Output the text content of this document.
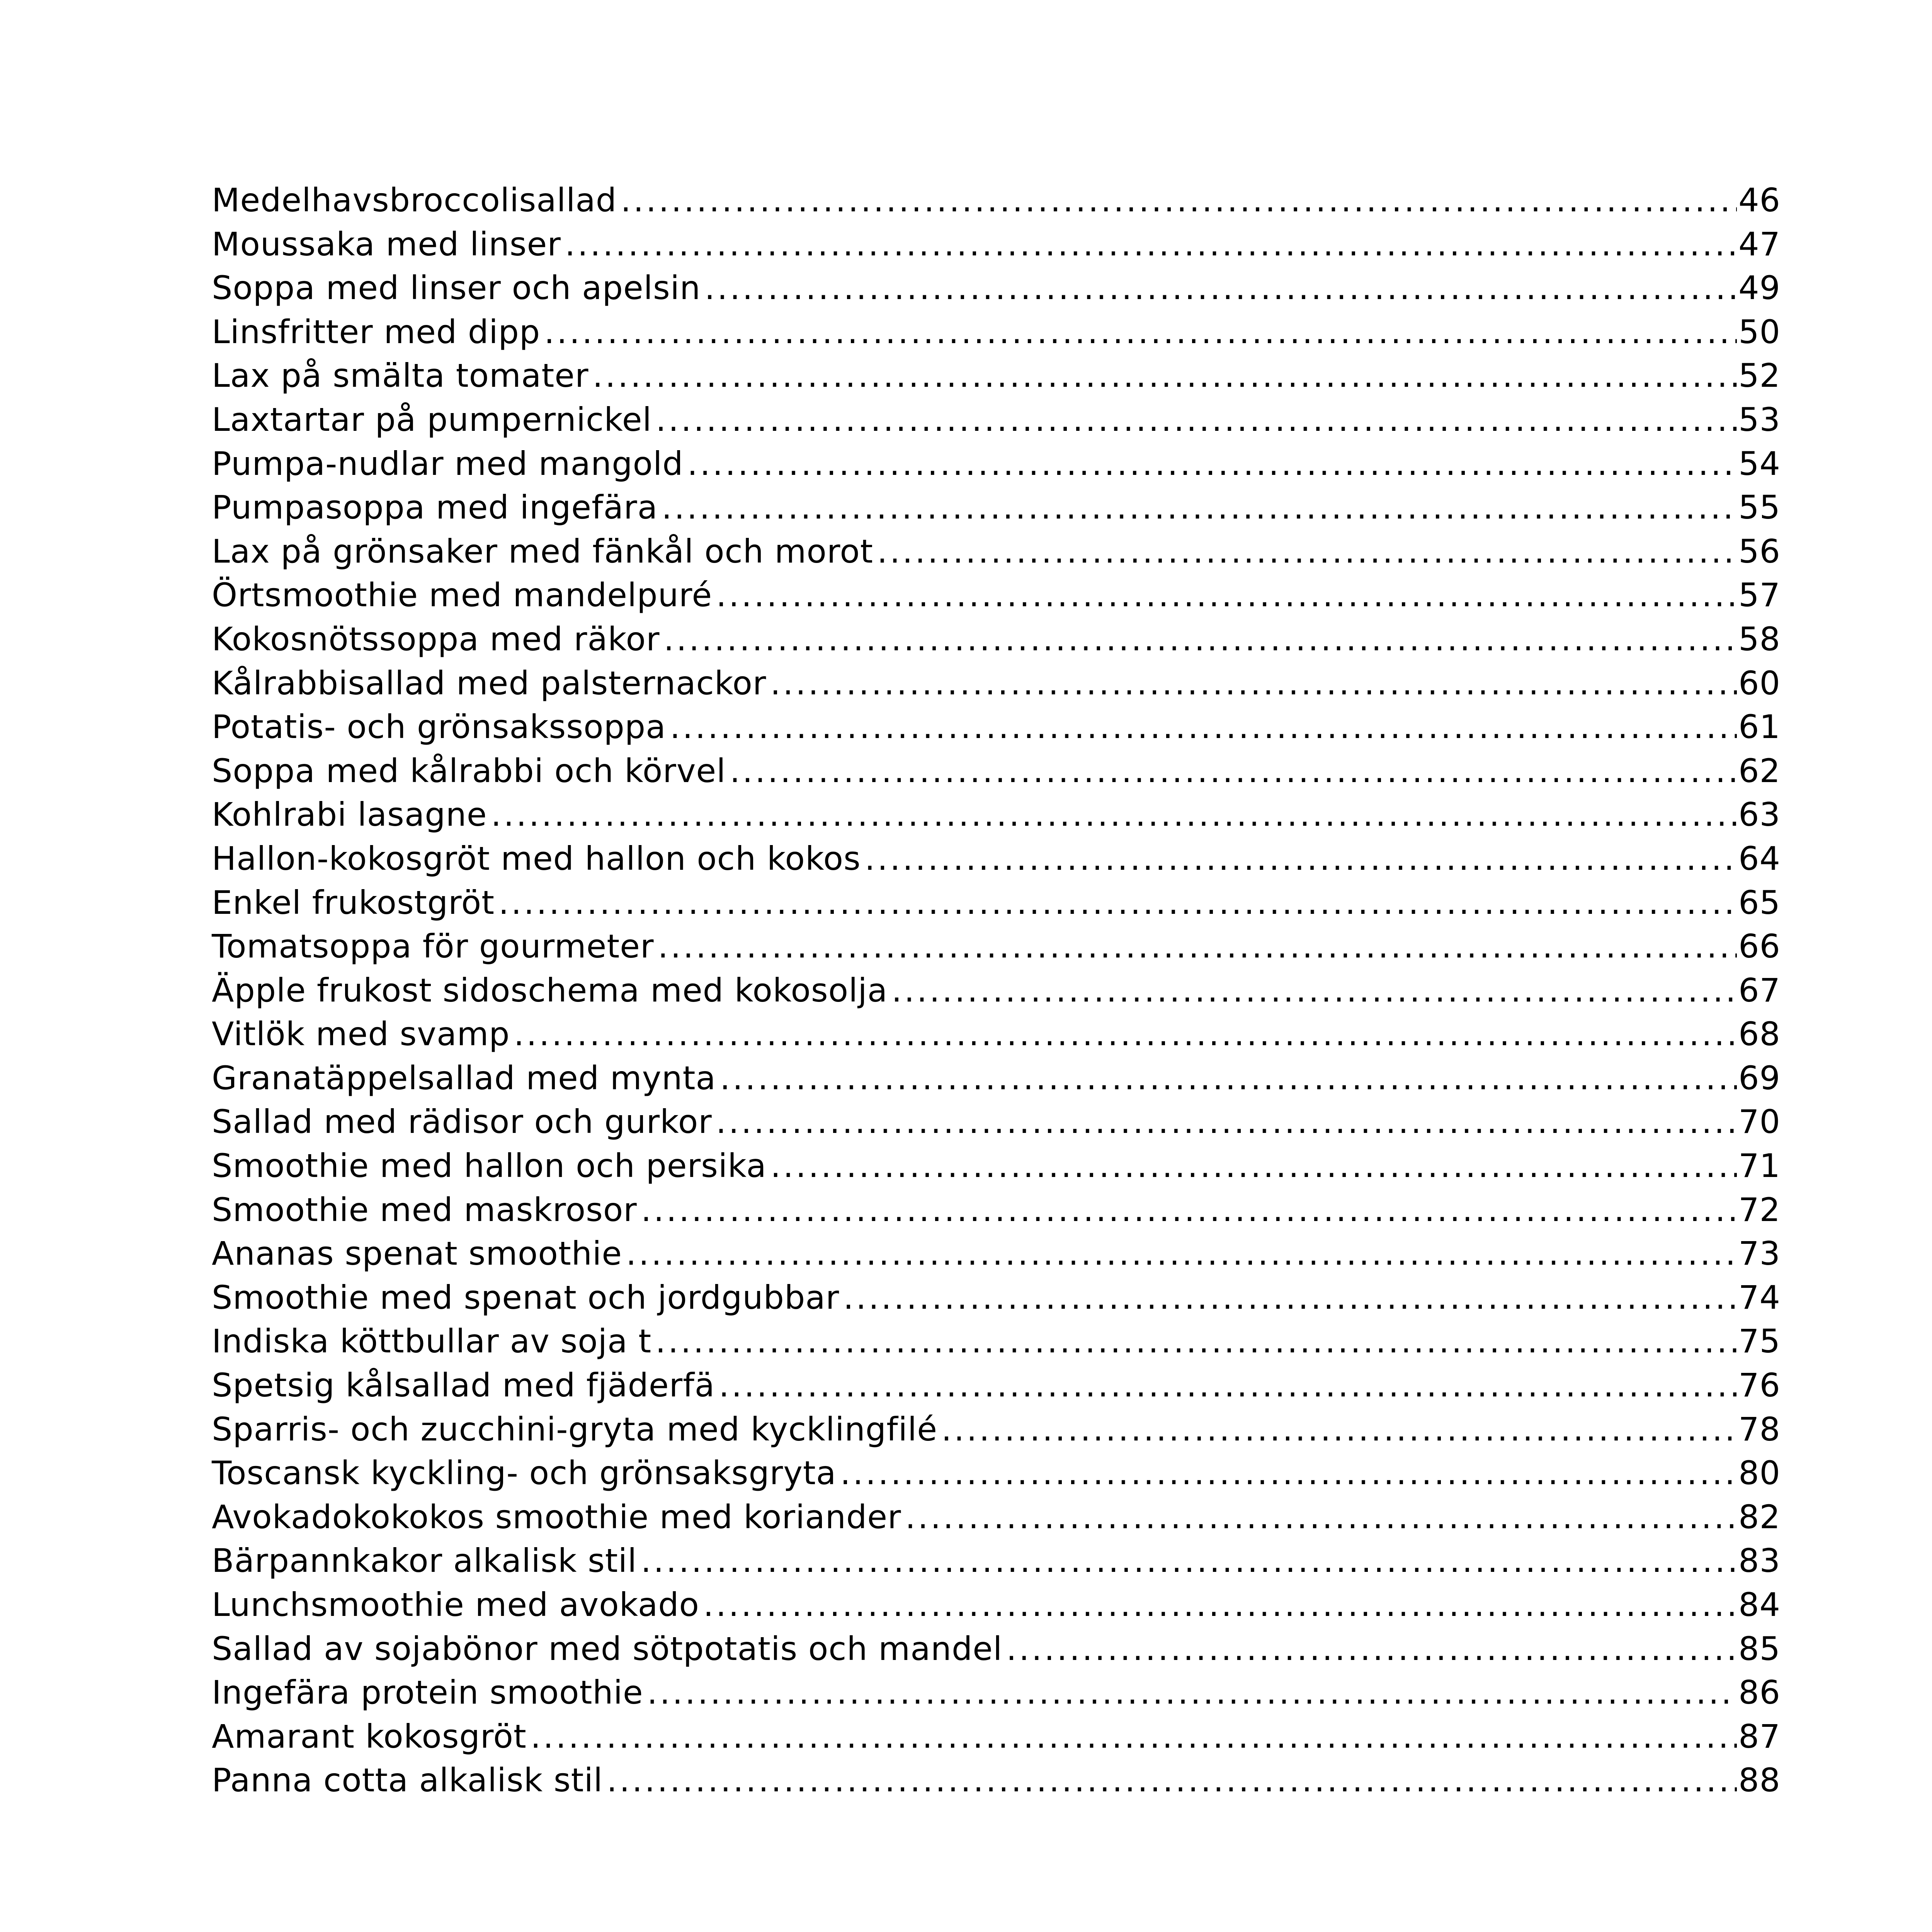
Medelhavsbroccolisallad .....	46
Moussaka med linser .....	47
Soppa med linser och apelsin .....	49
Linsfritter med dipp .....	50
Lax på smälta tomater .....	52
Laxtartar på pumpernickel .....	53
Pumpa-nudlar med mangold .....	54
Pumpasoppa med ingefära .....	55
Lax på grönsaker med fänkål och morot .....	56
Örtsmoothie med mandelpuré .....	57
Kokosnötssoppa med räkor .....	58
Kålrabbisallad med palsternackor .....	60
Potatis- och grönsakssoppa .....	61
Soppa med kålrabbi och körvel .....	62
Kohlrabi lasagne .....	63
Hallon-kokosgröt med hallon och kokos .....	64
Enkel frukostgröt .....	65
Tomatsoppa för gourmeter .....	66
Äpple frukost sidoschema med kokosolja .....	67
Vitlök med svamp .....	68
Granatäppelsallad med mynta .....	69
Sallad med rädisor och gurkor .....	70
Smoothie med hallon och persika .....	71
Smoothie med maskrosor .....	72
Ananas spenat smoothie .....	73
Smoothie med spenat och jordgubbar .....	74
Indiska köttbullar av soja t .....	75
Spetsig kålsallad med fjäderfä .....	76
Sparris- och zucchini-gryta med kycklingfilé .....	78
Toscansk kyckling- och grönsaksgryta .....	80
Avokadokokokos smoothie med koriander .....	82
Bärpannkakor alkalisk stil .....	83
Lunchsmoothie med avokado .....	84
Sallad av sojabönor med sötpotatis och mandel .....	85
Ingefära protein smoothie .....	86
Amarant kokosgröt .....	87
Panna cotta alkalisk stil .....	88
